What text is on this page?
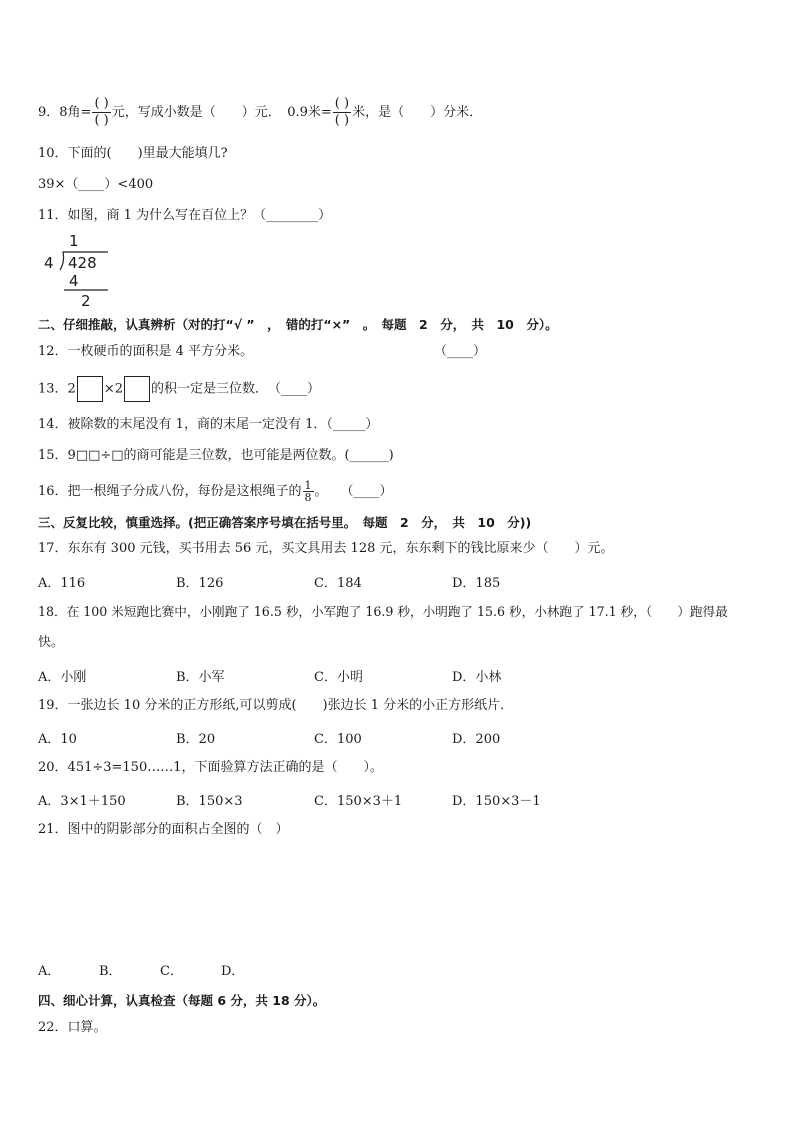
9．8角= $\frac{( )}{( )}$ 元，写成小数是（　　）元．　0.9米= $\frac{( )}{( )}$ 米，是（　　）分米．
10．下面的(　　)里最大能填几?
39×（____）<400
11．如图，商 1 为什么写在百位上？（________）
1
4 428
4
2
二、仔细推敲，认真辨析（对的打“√ ”　，　错的打“×”　。　每题　2　分，　共　10　分）。
12．一枚硬币的面积是 4 平方分米。	（____）
13．2 ×2 的积一定是三位数．　（____）
14．被除数的末尾没有 1，商的末尾一定没有 1．（_____）
15．9□□÷□的商可能是三位数，也可能是两位数。(______)
16．把一根绳子分成八份，每份是这根绳子的 $\frac{1}{8}$ 。　　（____）
三、反复比较，慎重选择。(把正确答案序号填在括号里。　每题　2　分，　共　10　分))
17．东东有 300 元钱，买书用去 56 元，买文具用去 128 元，东东剩下的钱比原来少（　　）元。
A．116	B．126	C．184	D．185
18．在 100 米短跑比赛中，小刚跑了 16.5 秒，小军跑了 16.9 秒，小明跑了 15.6 秒，小林跑了 17.1 秒，（　　）跑得最
快。
A．小刚	B．小军	C．小明	D．小林
19．一张边长 10 分米的正方形纸,可以剪成(　　)张边长 1 分米的小正方形纸片．
A．10	B．20	C．100	D．200
20．451÷3=150……1，下面验算方法正确的是（　　）。
A．3×1＋150	B．150×3	C．150×3＋1	D．150×3－1
21．图中的阴影部分的面积占全图的（　）
A．	B．	C．	D．
四、细心计算，认真检查（每题 6 分，共 18 分）。
22．口算。
